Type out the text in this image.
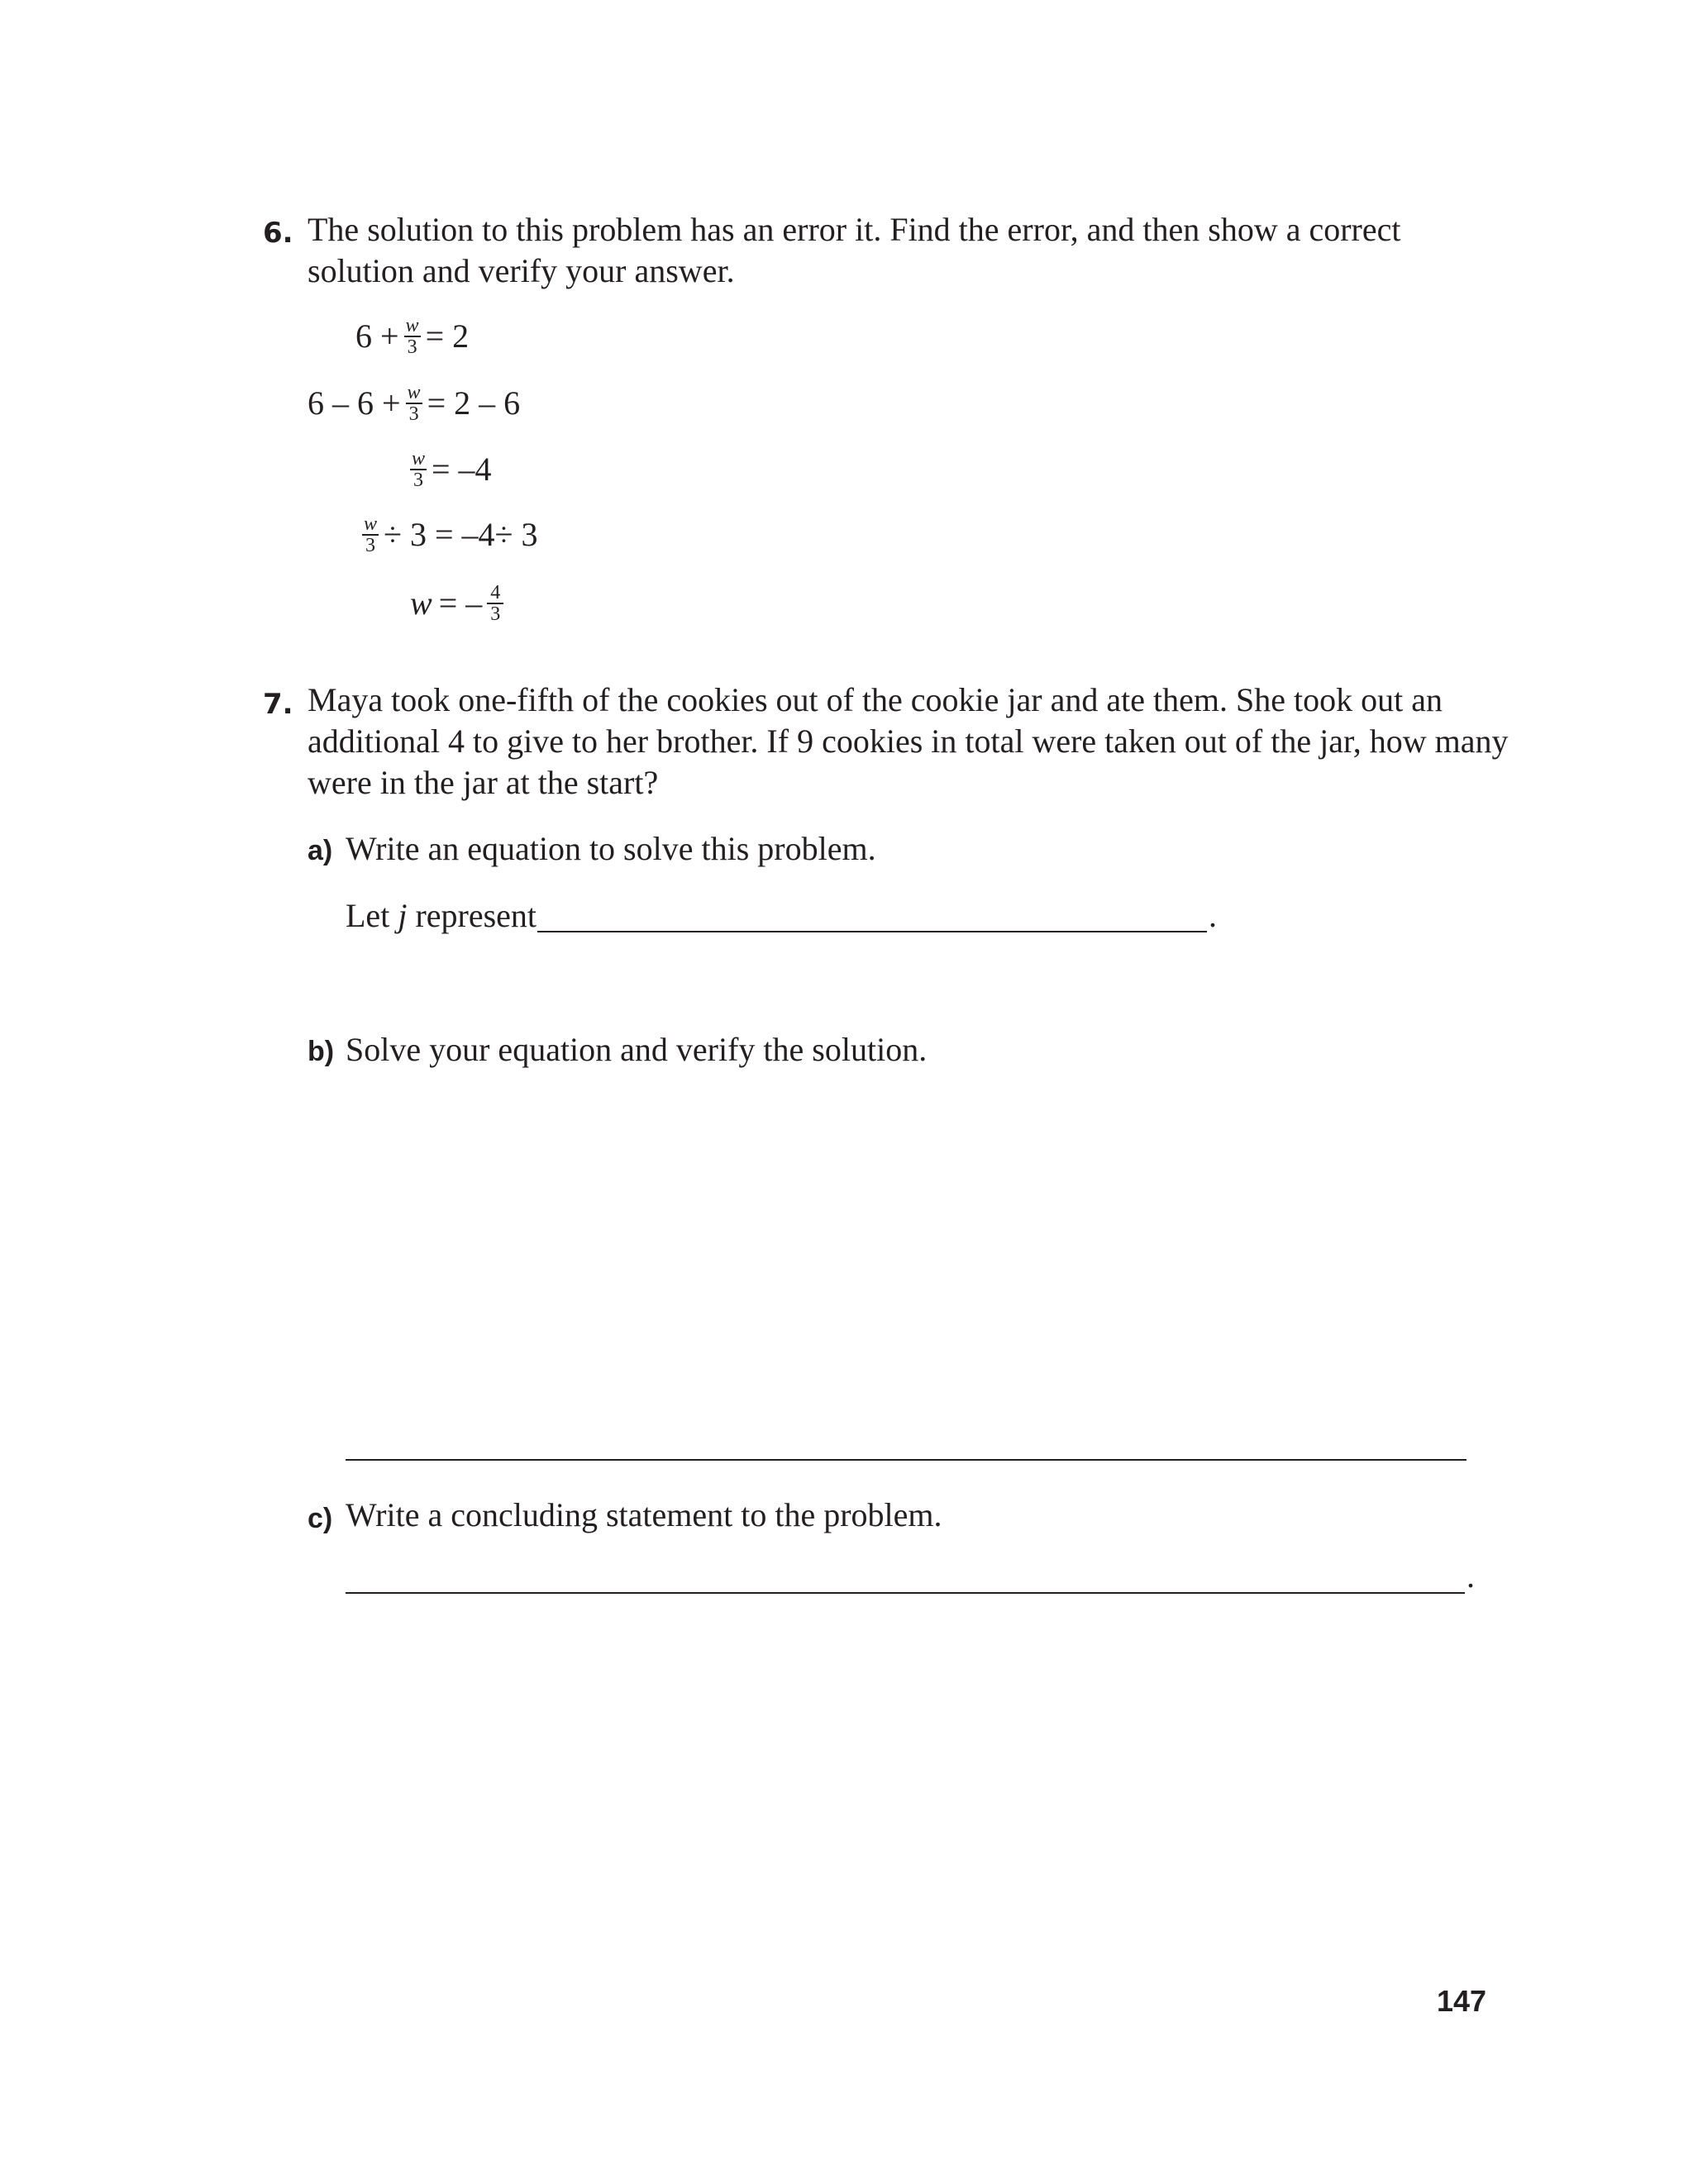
6. The solution to this problem has an error it. Find the error, and then show a correct
solution and verify your answer.
$6 + \frac{w}{3} = 2$
$6 - 6 + \frac{w}{3} = 2 - 6$
$\frac{w}{3} = -4$
$\frac{w}{3} \div 3 = -4\div 3$
w = – $\frac{4}{3}$
7. Maya took one-fifth of the cookies out of the cookie jar and ate them. She took out an
additional 4 to give to her brother. If 9 cookies in total were taken out of the jar, how many
were in the jar at the start?
a) Write an equation to solve this problem.
Let j represent	.
b) Solve your equation and verify the solution.
c) Write a concluding statement to the problem.
.
147
